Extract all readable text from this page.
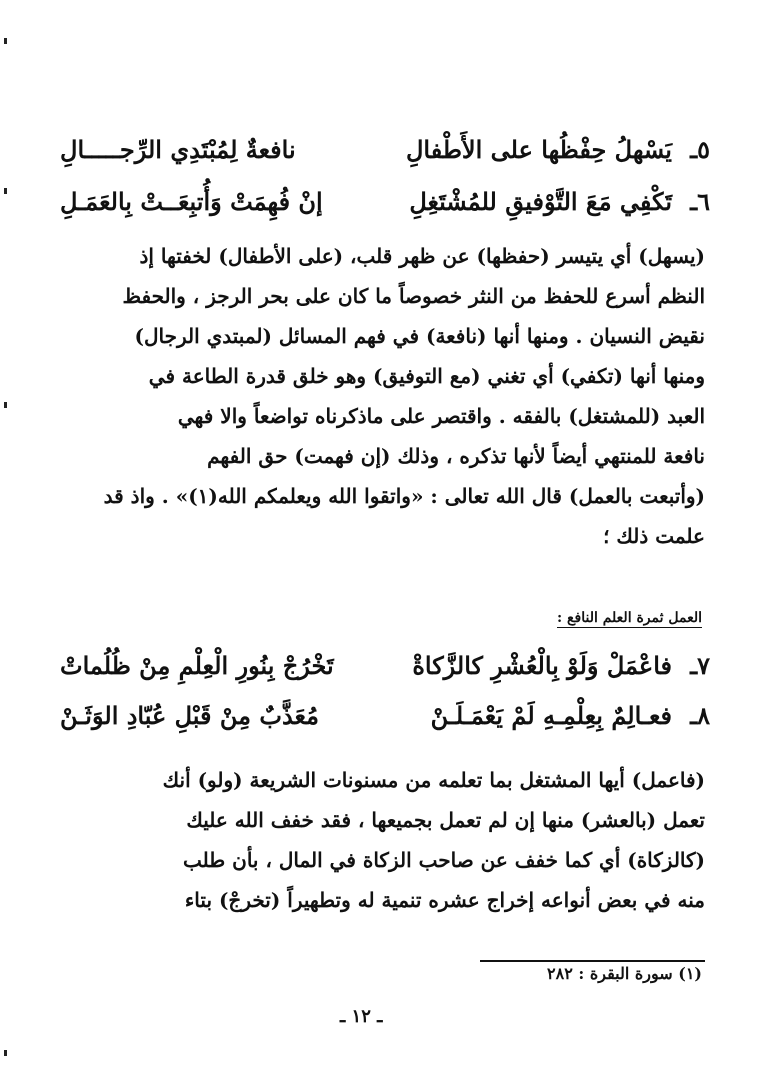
٥ـ
يَسْهلُ حِفْظُها على الأَطْفالِ
نافعةٌ لِمُبْتَدِي الرِّجـــــالِ
٦ـ
تَكْفِي مَعَ التَّوْفيقِ للمُشْتَغِلِ
إنْ فُهِمَتْ وَأُتبِعَــتْ بِالعَمَـلِ
(يسهل) أي يتيسر (حفظها) عن ظهر قلب، (على الأطفال) لخفتها إذ
النظم أسرع للحفظ من النثر خصوصاً ما كان على بحر الرجز ، والحفظ
نقيض النسيان . ومنها أنها (نافعة) في فهم المسائل (لمبتدي الرجال)
ومنها أنها (تكفي) أي تغني (مع التوفيق) وهو خلق قدرة الطاعة في
العبد (للمشتغل) بالفقه . واقتصر على ماذكرناه تواضعاً والا فهي
نافعة للمنتهي أيضاً لأنها تذكره ، وذلك (إن فهمت) حق الفهم
(وأتبعت بالعمل) قال الله تعالى : «واتقوا الله ويعلمكم الله(١)» . واذ قد
علمت ذلك ؛
العمل ثمرة العلم النافع :
٧ـ
فاعْمَلْ وَلَوْ بِالْعُشْرِ كالزَّكاةْ
تَخْرُجْ بِنُورِ الْعِلْمِ مِنْ ظُلُماتْ
٨ـ
فعـالِمٌ بِعِلْمِـهِ لَمْ يَعْمَـلَـنْ
مُعَذَّبٌ مِنْ قَبْلِ عُبّادِ الوَثَـنْ
(فاعمل) أيها المشتغل بما تعلمه من مسنونات الشريعة (ولو) أنك
تعمل (بالعشر) منها إن لم تعمل بجميعها ، فقد خفف الله عليك
(كالزكاة) أي كما خفف عن صاحب الزكاة في المال ، بأن طلب
منه في بعض أنواعه إخراج عشره تنمية له وتطهيراً (تخرجْ) بتاء
(١) سورة البقرة : ٢٨٢
ـ ١٢ ـ
